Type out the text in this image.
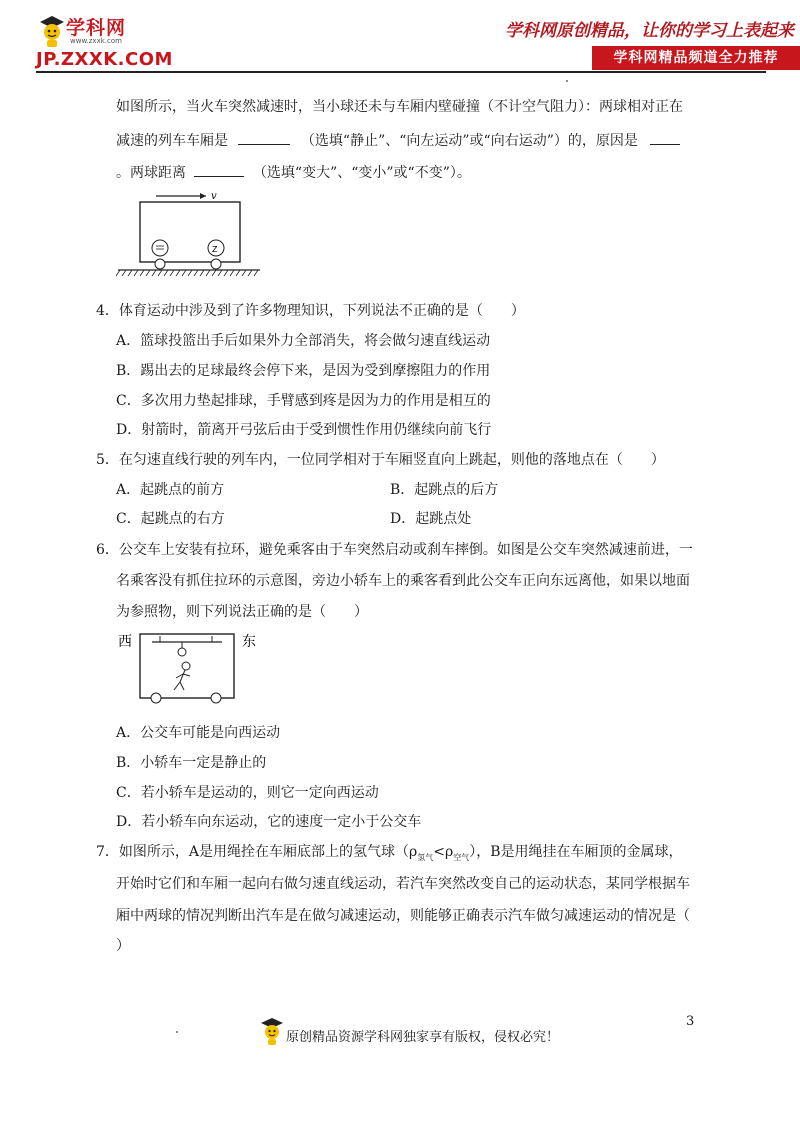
学科网
www.zxxk.com
JP.ZXXK.COM
学科网原创精品，让你的学习上表起来
学科网精品频道全力推荐
如图所示，当火车突然减速时，当小球还未与车厢内壁碰撞（不计空气阻力）：两球相对正在
减速的列车车厢是	（选填“静止”、“向左运动”或“向右运动”）的，原因是
。两球距离	（选填“变大”、“变小”或“不变”）。
v
Z
4．体育运动中涉及到了许多物理知识，下列说法不正确的是（　　）
A．篮球投篮出手后如果外力全部消失，将会做匀速直线运动
B．踢出去的足球最终会停下来，是因为受到摩擦阻力的作用
C．多次用力垫起排球，手臂感到疼是因为力的作用是相互的
D．射箭时，箭离开弓弦后由于受到惯性作用仍继续向前飞行
5．在匀速直线行驶的列车内，一位同学相对于车厢竖直向上跳起，则他的落地点在（　　）
A．起跳点的前方	B．起跳点的后方
C．起跳点的右方	D．起跳点处
6．公交车上安装有拉环，避免乘客由于车突然启动或刹车摔倒。如图是公交车突然减速前进，一
名乘客没有抓住拉环的示意图，旁边小轿车上的乘客看到此公交车正向东远离他，如果以地面
为参照物，则下列说法正确的是（　　）
西	东
A．公交车可能是向西运动
B．小轿车一定是静止的
C．若小轿车是运动的，则它一定向西运动
D．若小轿车向东运动，它的速度一定小于公交车
7．如图所示，A是用绳拴在车厢底部上的氢气球$(\rho_{氢气}<\rho_{空气})$，B是用绳挂在车厢顶的金属球，
开始时它们和车厢一起向右做匀速直线运动，若汽车突然改变自己的运动状态，某同学根据车
厢中两球的情况判断出汽车是在做匀减速运动，则能够正确表示汽车做匀减速运动的情况是（
）
3
原创精品资源学科网独家享有版权，侵权必究！
